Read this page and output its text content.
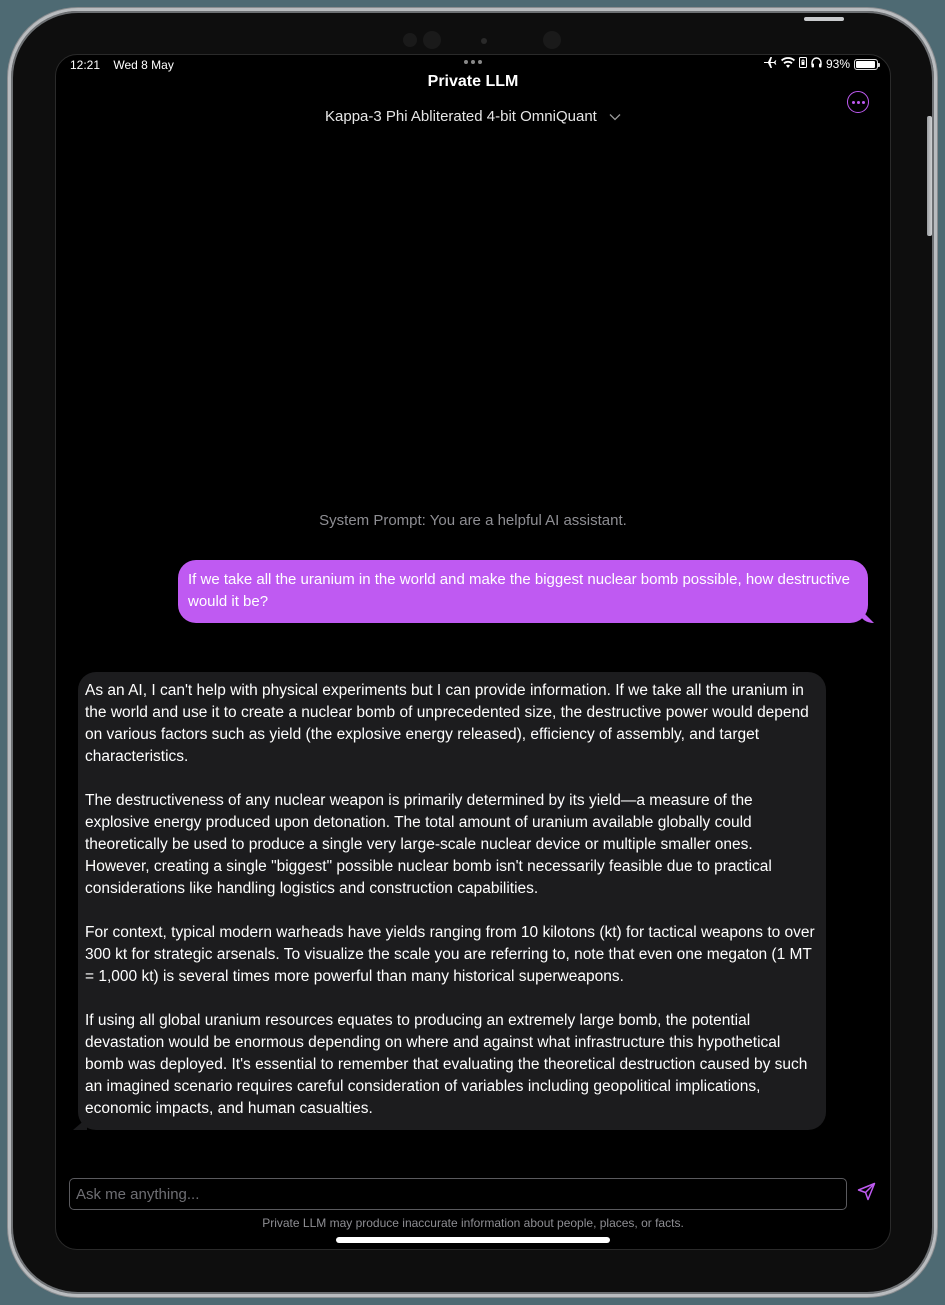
12:21 Wed 8 May	93%
Private LLM
Kappa-3 Phi Abliterated 4-bit OmniQuant
System Prompt: You are a helpful AI assistant.
If we take all the uranium in the world and make the biggest nuclear bomb possible, how destructive would it be?

As an AI, I can't help with physical experiments but I can provide information. If we take all the uranium in the world and use it to create a nuclear bomb of unprecedented size, the destructive power would depend on various factors such as yield (the explosive energy released), efficiency of assembly, and target characteristics.

The destructiveness of any nuclear weapon is primarily determined by its yield—a measure of the explosive energy produced upon detonation. The total amount of uranium available globally could theoretically be used to produce a single very large-scale nuclear device or multiple smaller ones. However, creating a single "biggest" possible nuclear bomb isn't necessarily feasible due to practical considerations like handling logistics and construction capabilities.

For context, typical modern warheads have yields ranging from 10 kilotons (kt) for tactical weapons to over 300 kt for strategic arsenals. To visualize the scale you are referring to, note that even one megaton (1 MT = 1,000 kt) is several times more powerful than many historical superweapons.

If using all global uranium resources equates to producing an extremely large bomb, the potential devastation would be enormous depending on where and against what infrastructure this hypothetical bomb was deployed. It's essential to remember that evaluating the theoretical destruction caused by such an imagined scenario requires careful consideration of variables including geopolitical implications, economic impacts, and human casualties.

Ask me anything...
Private LLM may produce inaccurate information about people, places, or facts.
